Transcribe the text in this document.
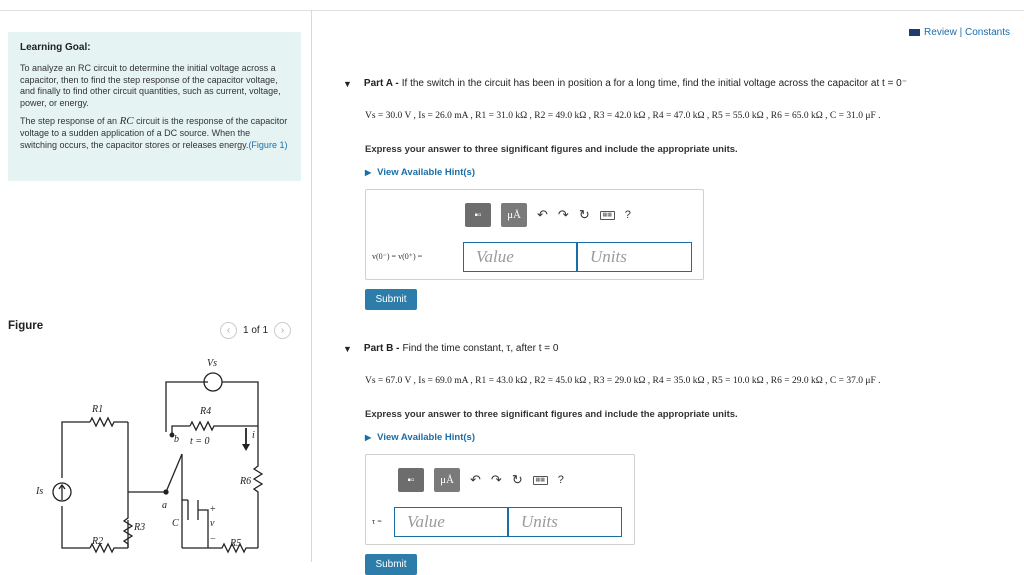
Learning Goal:

To analyze an RC circuit to determine the initial voltage across a capacitor, then to find the step response of the capacitor voltage, and finally to find other circuit quantities, such as current, voltage, power, or energy.

The step response of an RC circuit is the response of the capacitor voltage to a sudden application of a DC source. When the switching occurs, the capacitor stores or releases energy.(Figure 1)

Figure	‹	1 of 1	›
Vs
R1
R2
R3
R4
R5
R6
Is
C	v
i
t = 0
a
b
+
−
Review | Constants
▼ Part A - If the switch in the circuit has been in position a for a long time, find the initial voltage across the capacitor at t = 0⁻
Vs = 30.0 V , Is = 26.0 mA , R1 = 31.0 kΩ , R2 = 49.0 kΩ , R3 = 42.0 kΩ , R4 = 47.0 kΩ , R5 = 55.0 kΩ , R6 = 65.0 kΩ , C = 31.0 μF .
Express your answer to three significant figures and include the appropriate units.
▶ View Available Hint(s)
▪▫	μÅ	↶ ↷ ↻	▦▦ ?
v(0⁻) = v(0⁺) =
Value
Units
Submit
▼ Part B - Find the time constant, τ, after t = 0
Vs = 67.0 V , Is = 69.0 mA , R1 = 43.0 kΩ , R2 = 45.0 kΩ , R3 = 29.0 kΩ , R4 = 35.0 kΩ , R5 = 10.0 kΩ , R6 = 29.0 kΩ , C = 37.0 μF .
Express your answer to three significant figures and include the appropriate units.
▶ View Available Hint(s)
▪▫	μÅ	↶ ↷ ↻	▦▦ ?
τ =
Value
Units
Submit
